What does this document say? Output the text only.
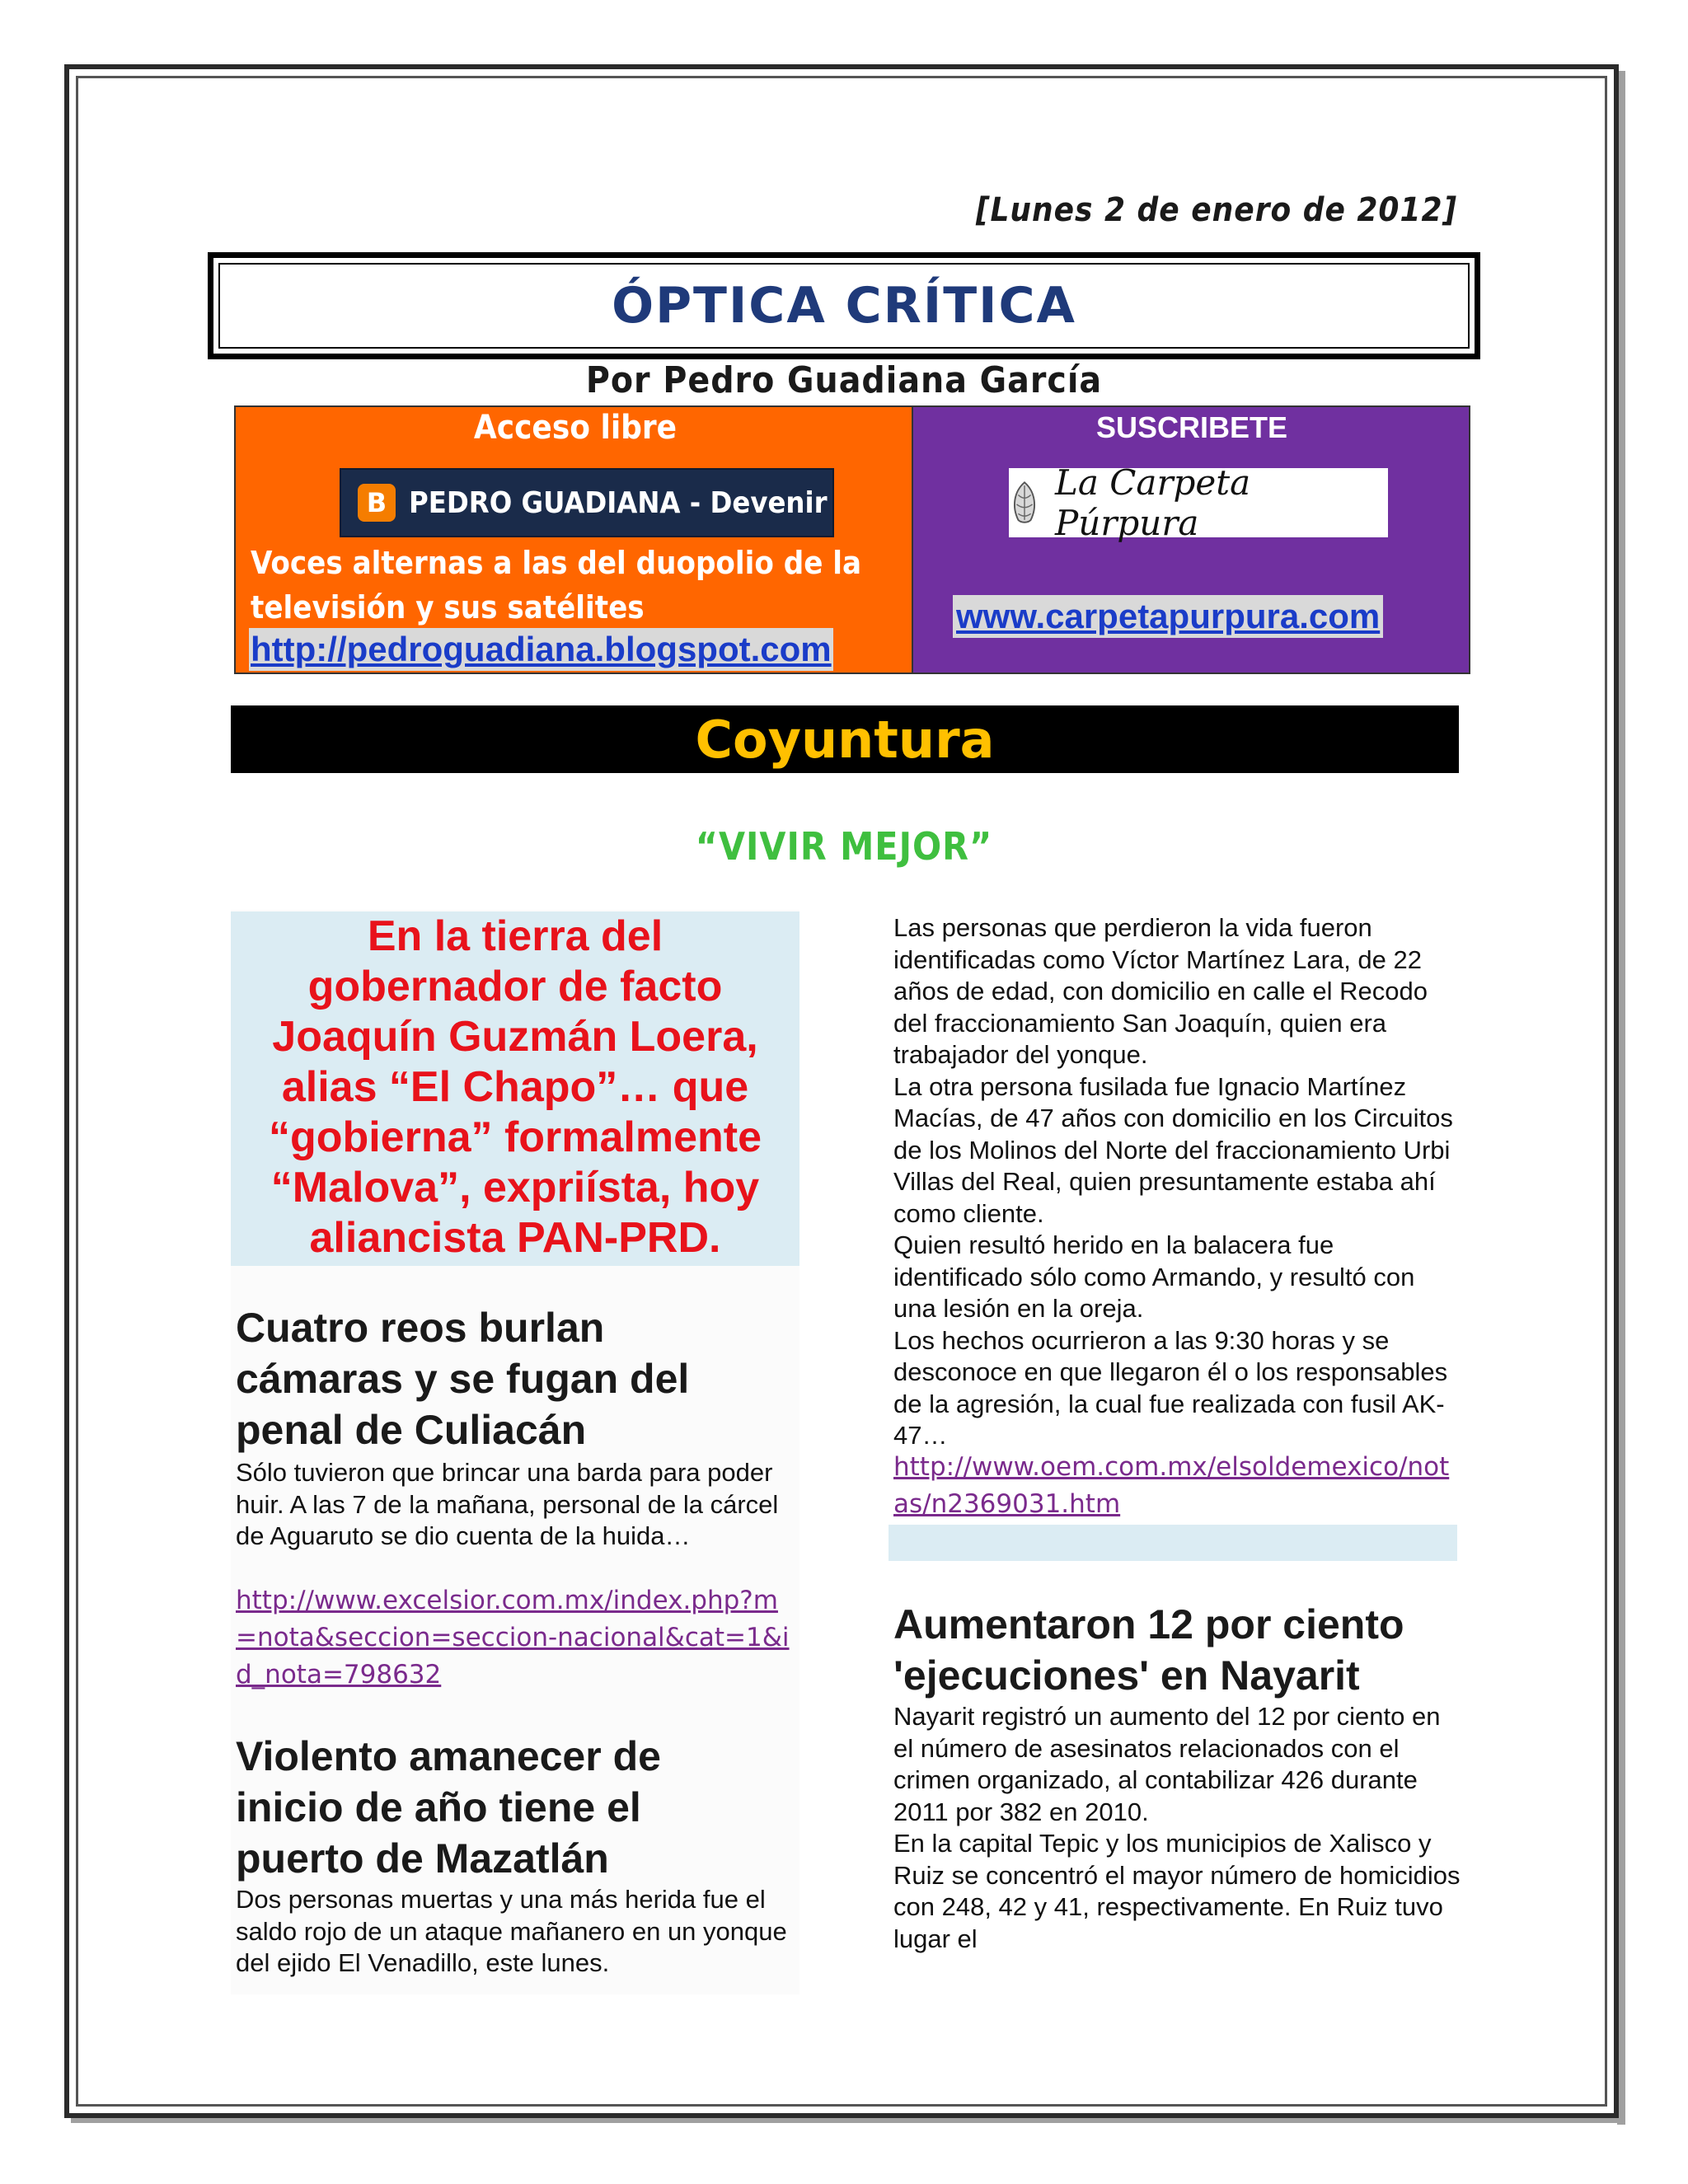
[Lunes 2 de enero de 2012]
ÓPTICA CRÍTICA
Por Pedro Guadiana García
Acceso libre
B PEDRO GUADIANA - Devenir
Voces alternas a las del duopolio de la televisión y sus satélites
http://pedroguadiana.blogspot.com
SUSCRIBETE
La Carpeta Púrpura
www.carpetapurpura.com
Coyuntura
“VIVIR MEJOR”
En la tierra del gobernador de facto Joaquín Guzmán Loera, alias “El Chapo”… que “gobierna” formalmente “Malova”, expriísta, hoy aliancista PAN-PRD.
Cuatro reos burlan cámaras y se fugan del penal de Culiacán
Sólo tuvieron que brincar una barda para poder huir. A las 7 de la mañana, personal de la cárcel de Aguaruto se dio cuenta de la huida…
http://www.excelsior.com.mx/index.php?m=nota&seccion=seccion-nacional&cat=1&id_nota=798632
Violento amanecer de inicio de año tiene el puerto de Mazatlán
Dos personas muertas y una más herida fue el saldo rojo de un ataque mañanero en un yonque del ejido El Venadillo, este lunes.
Las personas que perdieron la vida fueron identificadas como Víctor Martínez Lara, de 22 años de edad, con domicilio en calle el Recodo del fraccionamiento San Joaquín, quien era trabajador del yonque.
La otra persona fusilada fue Ignacio Martínez Macías, de 47 años con domicilio en los Circuitos de los Molinos del Norte del fraccionamiento Urbi Villas del Real, quien presuntamente estaba ahí como cliente.
Quien resultó herido en la balacera fue identificado sólo como Armando, y resultó con una lesión en la oreja.
Los hechos ocurrieron a las 9:30 horas y se desconoce en que llegaron él o los responsables de la agresión, la cual fue realizada con fusil AK-47…
http://www.oem.com.mx/elsoldemexico/notas/n2369031.htm
Aumentaron 12 por ciento 'ejecuciones' en Nayarit
Nayarit registró un aumento del 12 por ciento en el número de asesinatos relacionados con el crimen organizado, al contabilizar 426 durante 2011 por 382 en 2010.
En la capital Tepic y los municipios de Xalisco y Ruiz se concentró el mayor número de homicidios con 248, 42 y 41, respectivamente. En Ruiz tuvo lugar el
